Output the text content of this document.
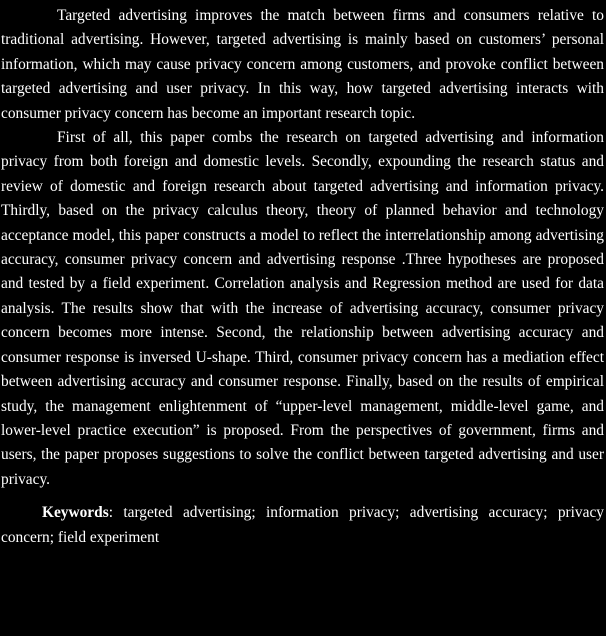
Targeted advertising improves the match between firms and consumers relative to traditional advertising. However, targeted advertising is mainly based on customers’ personal information, which may cause privacy concern among customers, and provoke conflict between targeted advertising and user privacy. In this way, how targeted advertising interacts with consumer privacy concern has become an important research topic.

First of all, this paper combs the research on targeted advertising and information privacy from both foreign and domestic levels. Secondly, expounding the research status and review of domestic and foreign research about targeted advertising and information privacy. Thirdly, based on the privacy calculus theory, theory of planned behavior and technology acceptance model, this paper constructs a model to reflect the interrelationship among advertising accuracy, consumer privacy concern and advertising response .Three hypotheses are proposed and tested by a field experiment. Correlation analysis and Regression method are used for data analysis. The results show that with the increase of advertising accuracy, consumer privacy concern becomes more intense. Second, the relationship between advertising accuracy and consumer response is inversed U-shape. Third, consumer privacy concern has a mediation effect between advertising accuracy and consumer response. Finally, based on the results of empirical study, the management enlightenment of “upper-level management, middle-level game, and lower-level practice execution” is proposed. From the perspectives of government, firms and users, the paper proposes suggestions to solve the conflict between targeted advertising and user privacy.

Keywords: targeted advertising; information privacy; advertising accuracy; privacy concern; field experiment
